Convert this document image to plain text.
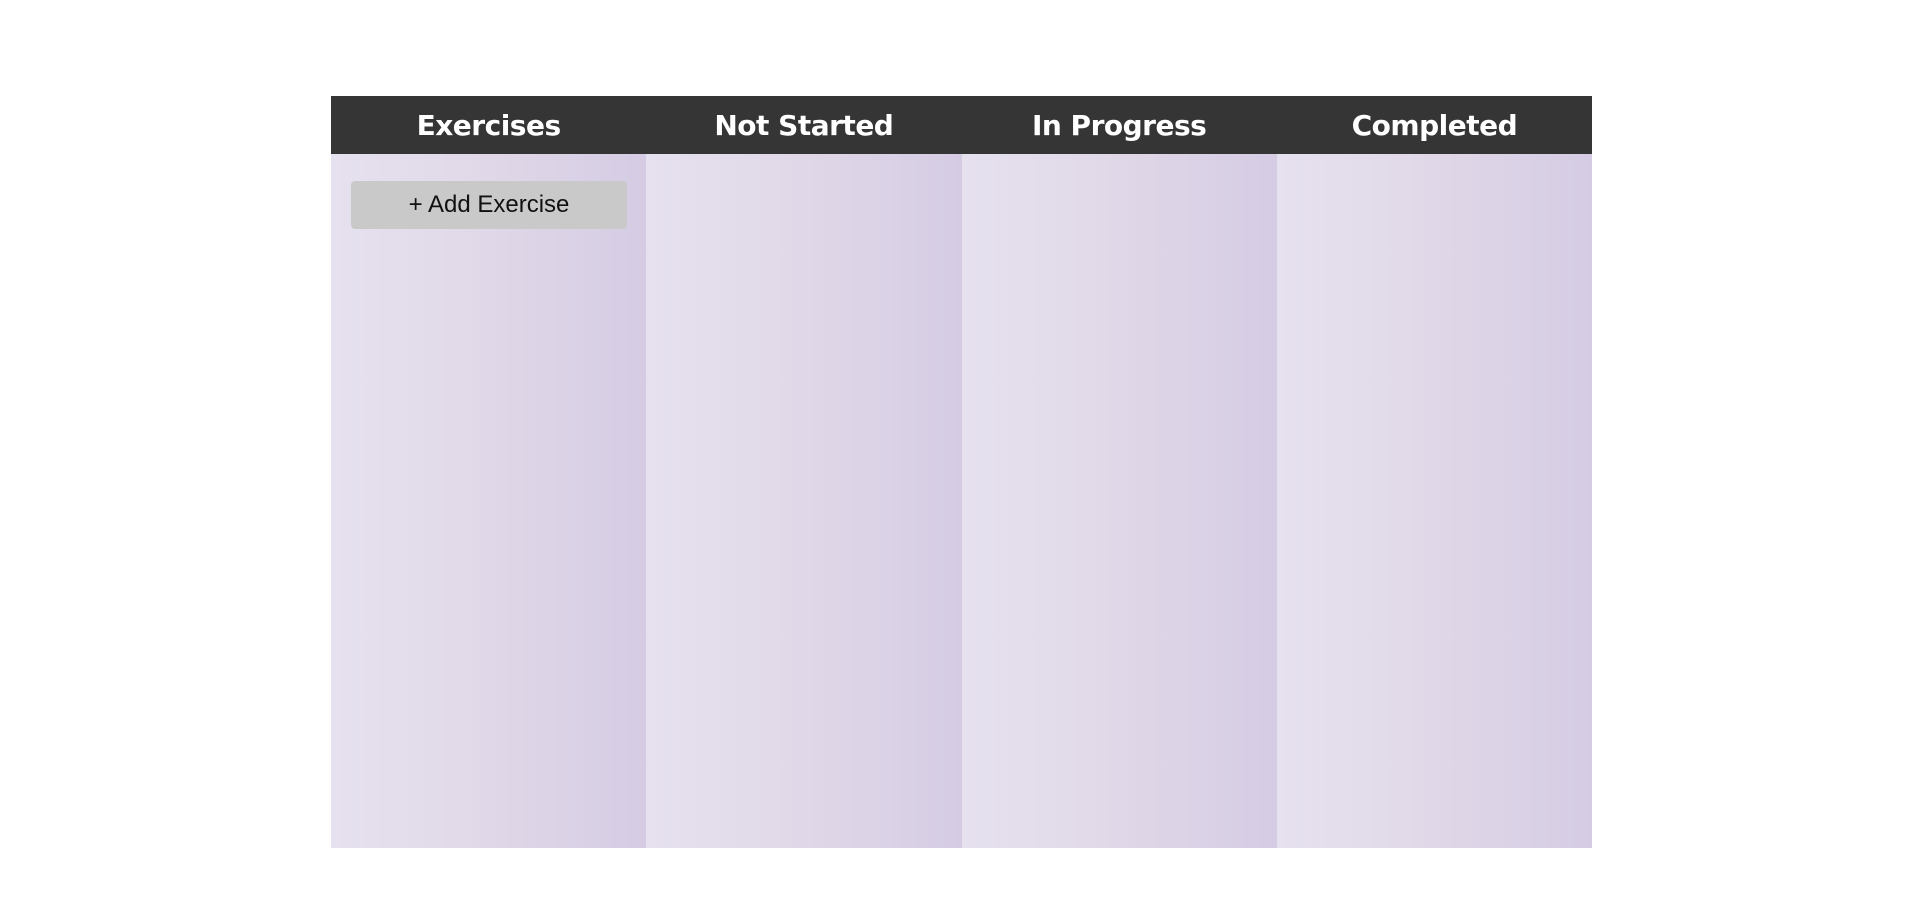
Exercises	Not Started	In Progress	Completed
+ Add Exercise
